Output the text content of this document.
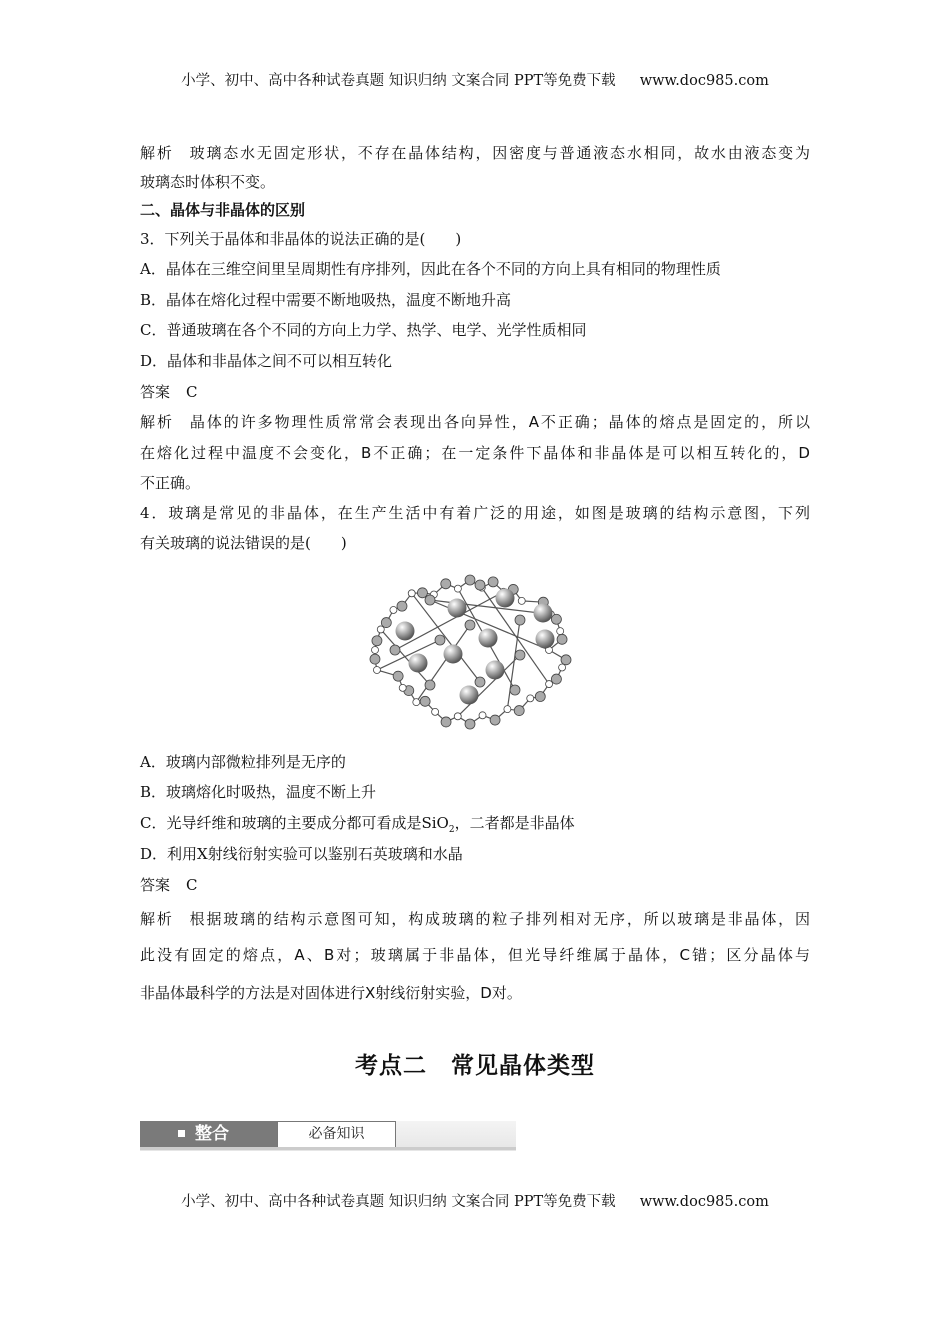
小学、初中、高中各种试卷真题 知识归纳 文案合同 PPT等免费下载 www.doc985.com
解析 玻璃态水无固定形状，不存在晶体结构，因密度与普通液态水相同，故水由液态变为
玻璃态时体积不变。
二、晶体与非晶体的区别
3．下列关于晶体和非晶体的说法正确的是(　　)
A．晶体在三维空间里呈周期性有序排列，因此在各个不同的方向上具有相同的物理性质
B．晶体在熔化过程中需要不断地吸热，温度不断地升高
C．普通玻璃在各个不同的方向上力学、热学、电学、光学性质相同
D．晶体和非晶体之间不可以相互转化
答案 C
解析 晶体的许多物理性质常常会表现出各向异性，A不正确；晶体的熔点是固定的，所以
在熔化过程中温度不会变化，B不正确；在一定条件下晶体和非晶体是可以相互转化的，D
不正确。
4．玻璃是常见的非晶体，在生产生活中有着广泛的用途，如图是玻璃的结构示意图，下列
有关玻璃的说法错误的是(　　)
A．玻璃内部微粒排列是无序的
B．玻璃熔化时吸热，温度不断上升
C．光导纤维和玻璃的主要成分都可看成是SiO$_2$，二者都是非晶体
D．利用X射线衍射实验可以鉴别石英玻璃和水晶
答案 C
解析 根据玻璃的结构示意图可知，构成玻璃的粒子排列相对无序，所以玻璃是非晶体，因
此没有固定的熔点，A、B对；玻璃属于非晶体，但光导纤维属于晶体，C错；区分晶体与
非晶体最科学的方法是对固体进行X射线衍射实验，D对。
考点二　常见晶体类型
整合	必备知识
小学、初中、高中各种试卷真题 知识归纳 文案合同 PPT等免费下载 www.doc985.com
